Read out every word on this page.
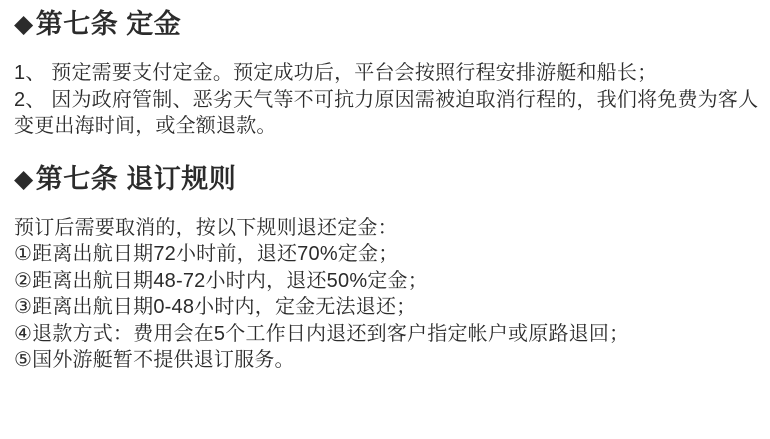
◆ 第七条 定金
1、 预定需要支付定金。预定成功后，平台会按照行程安排游艇和船长；
2、 因为政府管制、恶劣天气等不可抗力原因需被迫取消行程的，我们将免费为客人
变更出海时间，或全额退款。
◆ 第七条 退订规则
预订后需要取消的，按以下规则退还定金：
①距离出航日期72小时前，退还70%定金；
②距离出航日期48-72小时内，退还50%定金；
③距离出航日期0-48小时内，定金无法退还；
④退款方式：费用会在5个工作日内退还到客户指定帐户或原路退回；
⑤国外游艇暂不提供退订服务。
